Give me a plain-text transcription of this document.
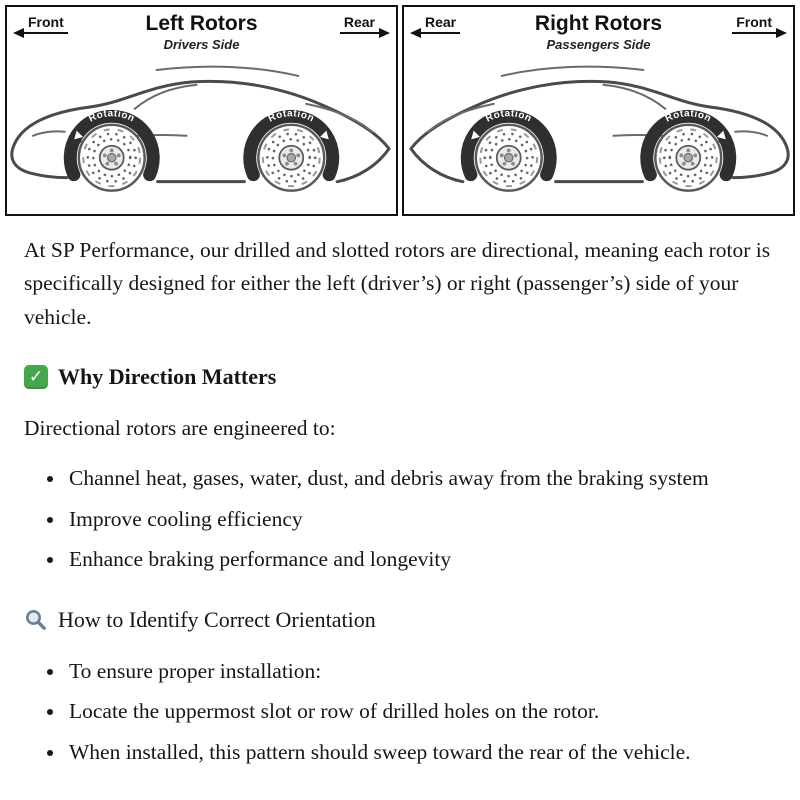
Front	Left Rotors
Drivers Side
Rear
Rotation	Rotation
Rear	Right Rotors
Passengers Side
Front
Rotation	Rotation

At SP Performance, our drilled and slotted rotors are directional, meaning each rotor is specifically designed for either the left (driver’s) or right (passenger’s) side of your vehicle.

✓ Why Direction Matters

Directional rotors are engineered to:

• Channel heat, gases, water, dust, and debris away from the braking system
• Improve cooling efficiency
• Enhance braking performance and longevity
How to Identify Correct Orientation
• To ensure proper installation:
• Locate the uppermost slot or row of drilled holes on the rotor.
• When installed, this pattern should sweep toward the rear of the vehicle.
